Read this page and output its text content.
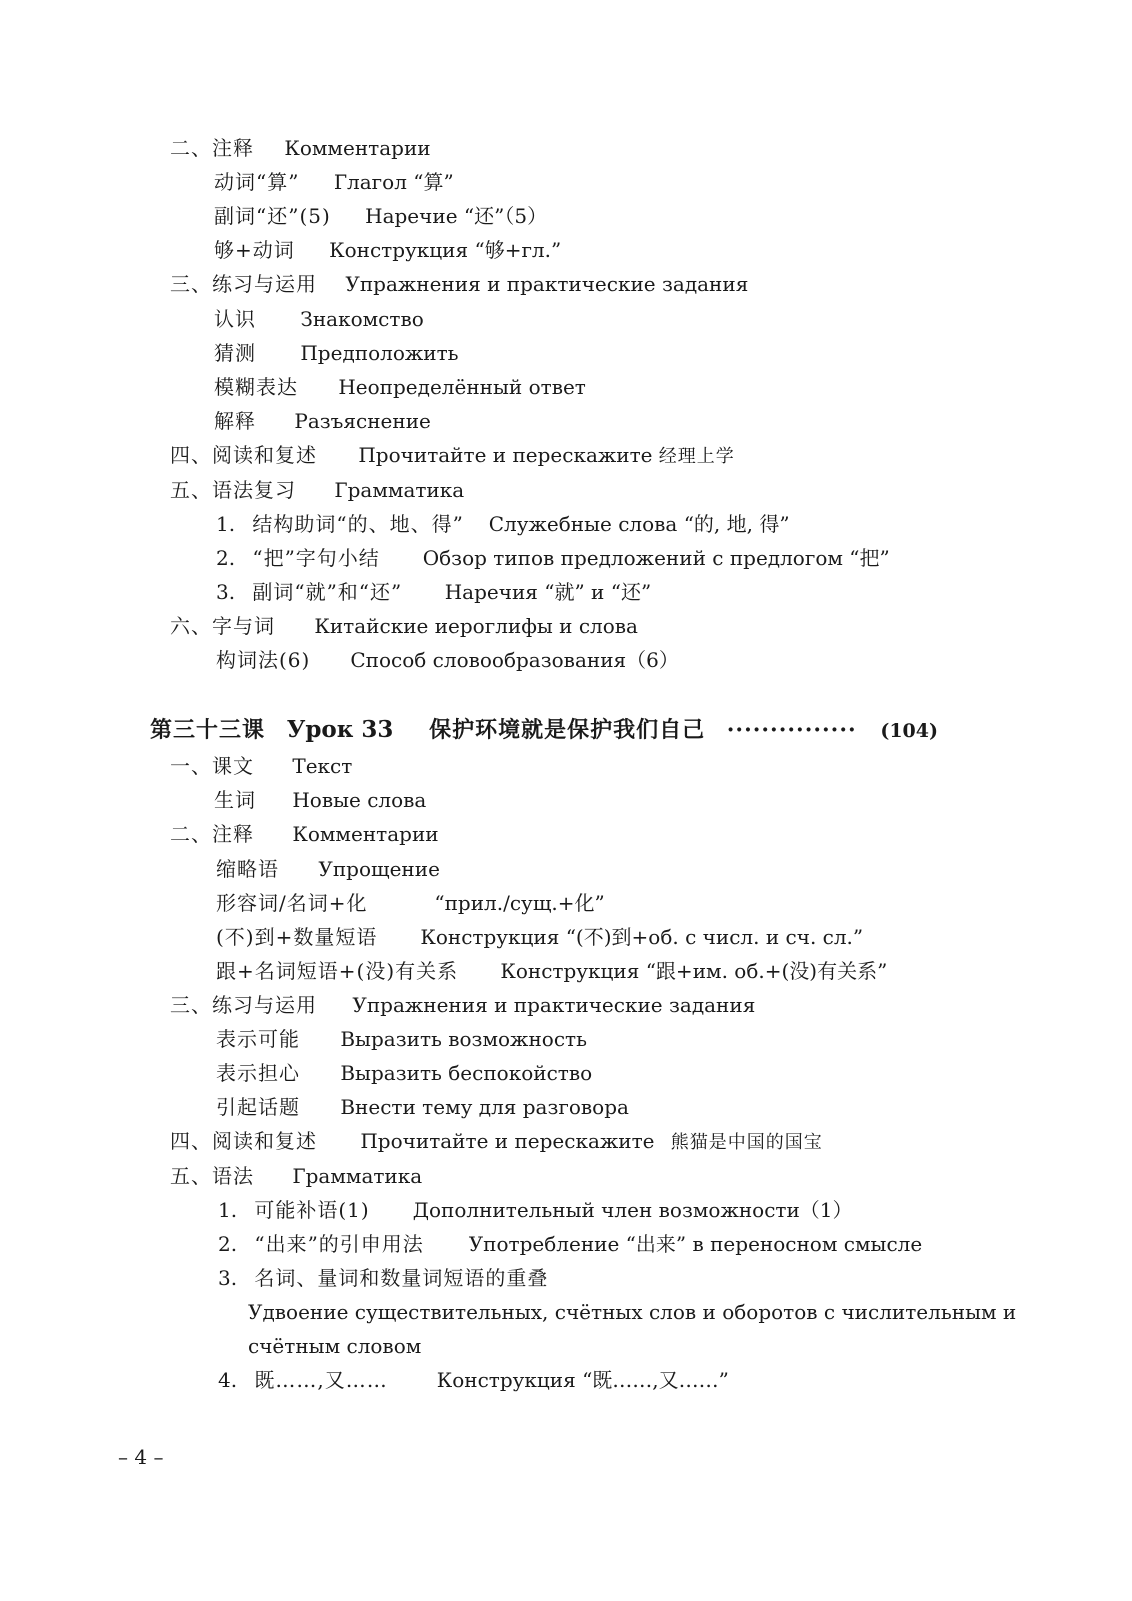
二、注释 Комментарии
动词“算” Глагол “算”
副词“还”(5) Наречие “还”（5）
够+动词 Конструкция “够+гл.”
三、练习与运用 Упражнения и практические задания
认识 Знакомство
猜测 Предположить
模糊表达 Неопределённый ответ
解释 Разъяснение
四、阅读和复述 Прочитайте и перескажите 经理上学
五、语法复习 Грамматика
1. 结构助词“的、地、得” Служебные слова “的, 地, 得”
2. “把”字句小结 Обзор типов предложений с предлогом “把”
3. 副词“就”和“还” Наречия “就” и “还”
六、字与词 Китайские иероглифы и слова
构词法(6) Способ словообразования（6）
第三十三课 Урок 33 保护环境就是保护我们自己 ··············· (104)
一、课文 Текст
生词 Новые слова
二、注释 Комментарии
缩略语 Упрощение
形容词/名词+化	“прил./сущ.+化”
(不)到+数量短语 Конструкция “(不)到+об. с числ. и сч. сл.”
跟+名词短语+(没)有关系 Конструкция “跟+им. об.+(没)有关系”
三、练习与运用 Упражнения и практические задания
表示可能 Выразить возможность
表示担心 Выразить беспокойство
引起话题 Внести тему для разговора
四、阅读和复述 Прочитайте и перескажите 熊猫是中国的国宝
五、语法 Грамматика
1. 可能补语(1) Дополнительный член возможности（1）
2. “出来”的引申用法 Употребление “出来” в переносном смысле
3. 名词、量词和数量词短语的重叠
Удвоение существительных, счётных слов и оборотов с числительным и
счётным словом
4. 既……,又…… Конструкция “既……,又……”
– 4 –
